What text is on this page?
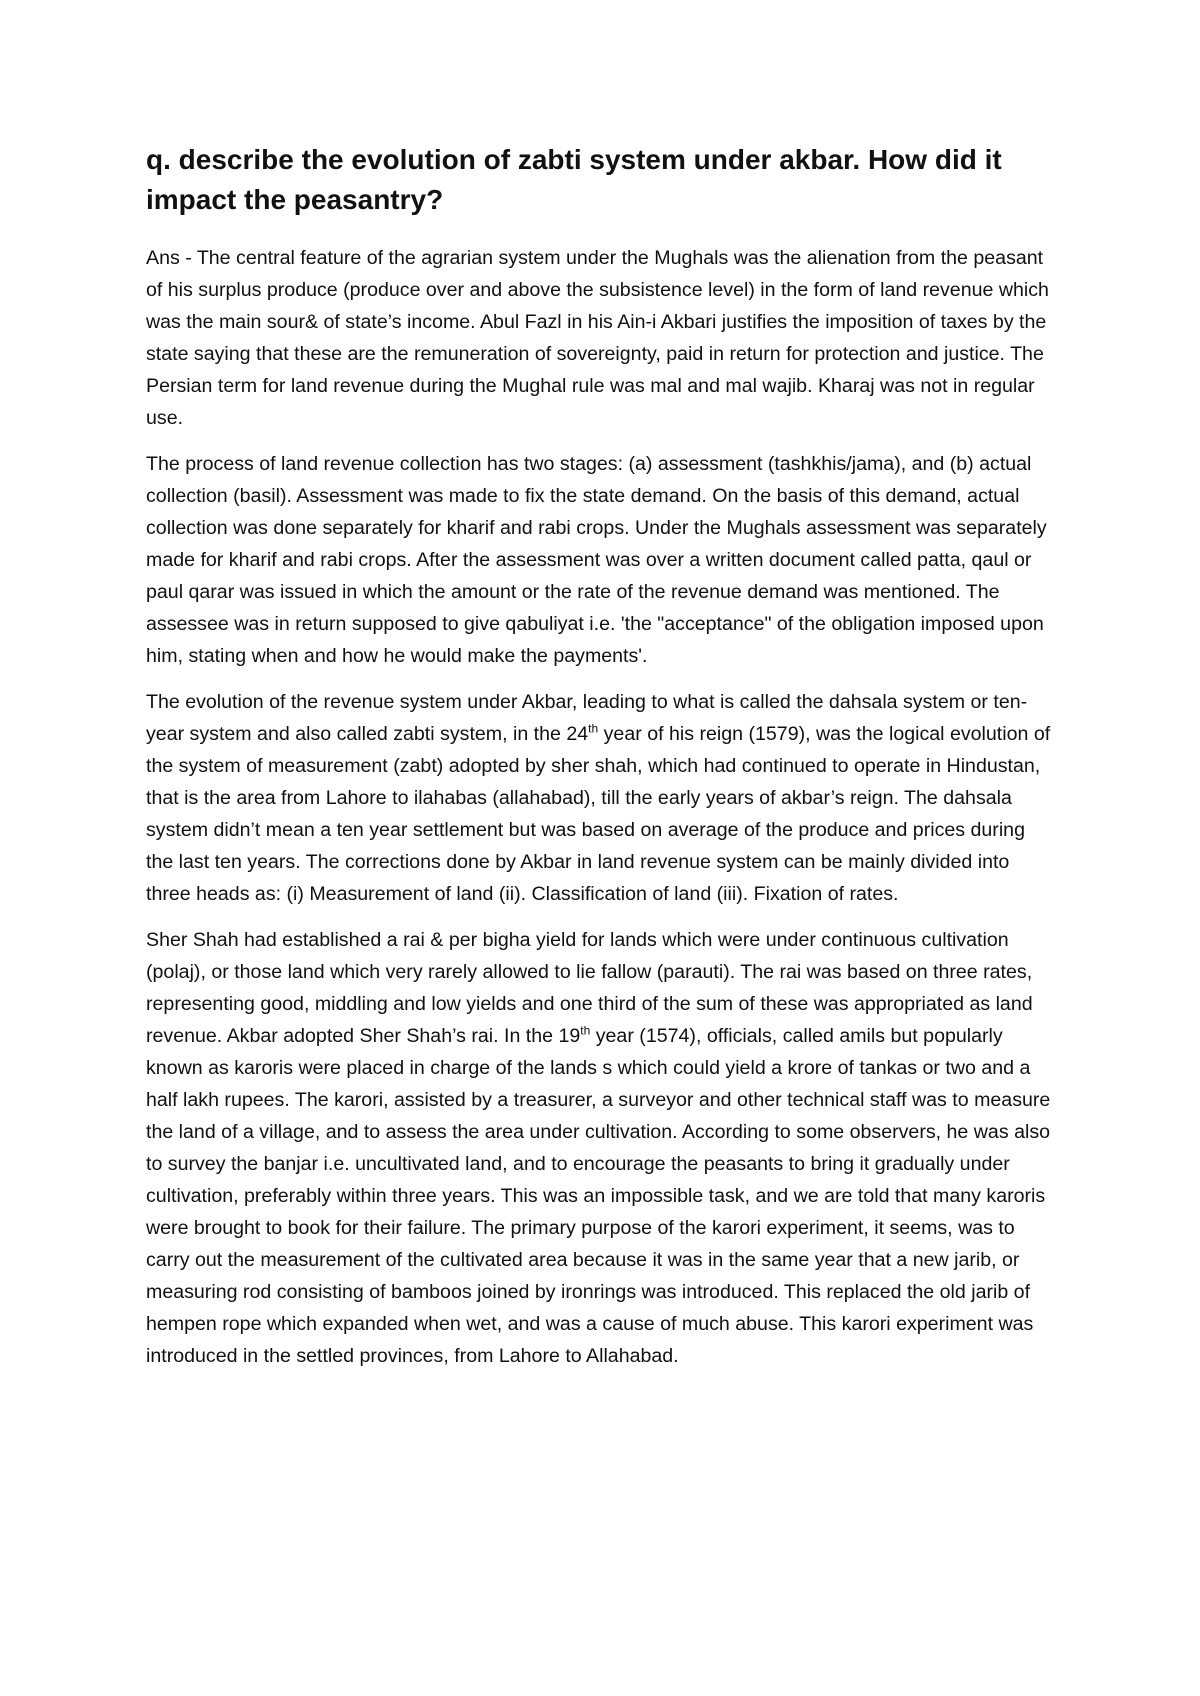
q. describe the evolution of zabti system under akbar. How did it impact the peasantry?

Ans - The central feature of the agrarian system under the Mughals was the alienation from the peasant of his surplus produce (produce over and above the subsistence level) in the form of land revenue which was the main sour& of state’s income. Abul Fazl in his Ain-i Akbari justifies the imposition of taxes by the state saying that these are the remuneration of sovereignty, paid in return for protection and justice. The Persian term for land revenue during the Mughal rule was mal and mal wajib. Kharaj was not in regular use.

The process of land revenue collection has two stages: (a) assessment (tashkhis/jama), and (b) actual collection (basil). Assessment was made to fix the state demand. On the basis of this demand, actual collection was done separately for kharif and rabi crops. Under the Mughals assessment was separately made for kharif and rabi crops. After the assessment was over a written document called patta, qaul or paul qarar was issued in which the amount or the rate of the revenue demand was mentioned. The assessee was in return supposed to give qabuliyat i.e. 'the "acceptance" of the obligation imposed upon him, stating when and how he would make the payments'.

The evolution of the revenue system under Akbar, leading to what is called the dahsala system or ten-year system and also called zabti system, in the 24th year of his reign (1579), was the logical evolution of the system of measurement (zabt) adopted by sher shah, which had continued to operate in Hindustan, that is the area from Lahore to ilahabas (allahabad), till the early years of akbar’s reign. The dahsala system didn’t mean a ten year settlement but was based on average of the produce and prices during the last ten years. The corrections done by Akbar in land revenue system can be mainly divided into three heads as: (i) Measurement of land (ii). Classification of land (iii). Fixation of rates.

Sher Shah had established a rai & per bigha yield for lands which were under continuous cultivation (polaj), or those land which very rarely allowed to lie fallow (parauti). The rai was based on three rates, representing good, middling and low yields and one third of the sum of these was appropriated as land revenue. Akbar adopted Sher Shah’s rai. In the 19th year (1574), officials, called amils but popularly known as karoris were placed in charge of the lands s which could yield a krore of tankas or two and a half lakh rupees. The karori, assisted by a treasurer, a surveyor and other technical staff was to measure the land of a village, and to assess the area under cultivation. According to some observers, he was also to survey the banjar i.e. uncultivated land, and to encourage the peasants to bring it gradually under cultivation, preferably within three years. This was an impossible task, and we are told that many karoris were brought to book for their failure. The primary purpose of the karori experiment, it seems, was to carry out the measurement of the cultivated area because it was in the same year that a new jarib, or measuring rod consisting of bamboos joined by ironrings was introduced. This replaced the old jarib of hempen rope which expanded when wet, and was a cause of much abuse. This karori experiment was introduced in the settled provinces, from Lahore to Allahabad.
